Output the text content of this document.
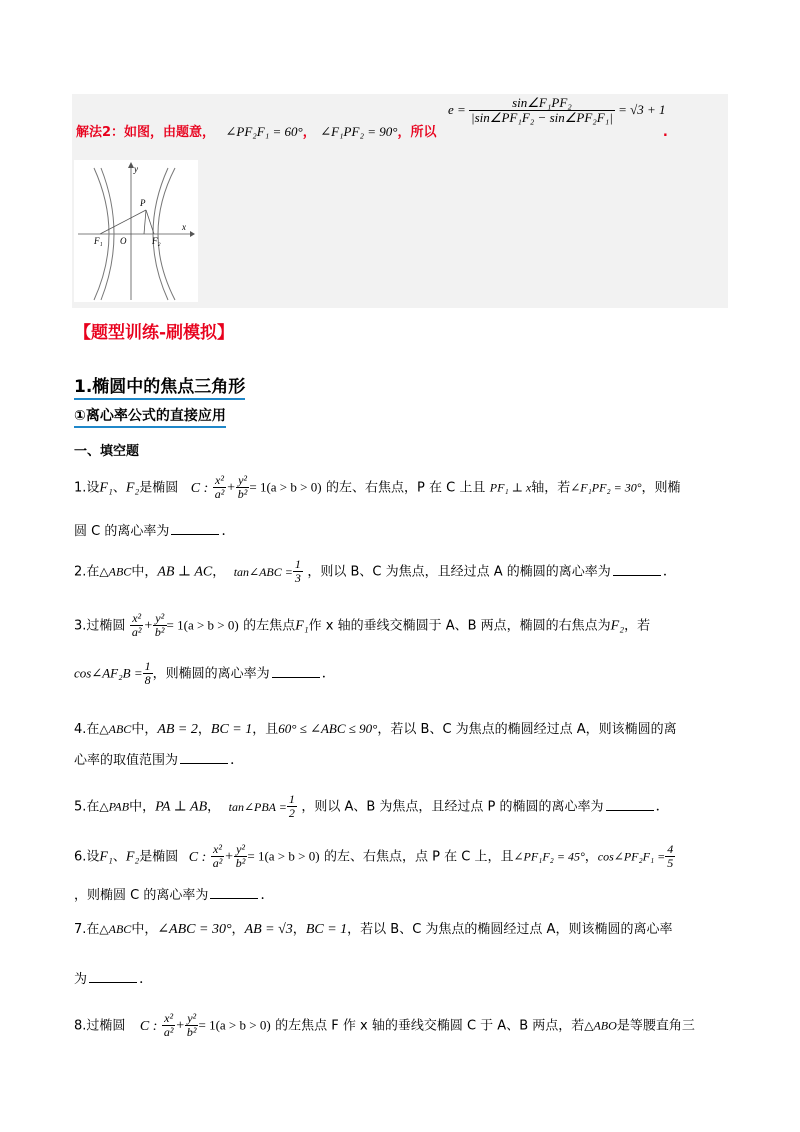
$e = \frac{\text{sin∠F₁PF₂}}{\text{|sin∠PF₁F₂ − sin∠PF₂F₁|}} = √3 + 1$
解法2：如图，由题意， ∠PF₂F₁ = 60°， ∠F₁PF₂ = 90°，所以	.
y
x
P
O
F₁	F₂
【题型训练-刷模拟】
1.椭圆中的焦点三角形
①离心率公式的直接应用
一、填空题
1.设F₁、F₂是椭圆 C : $\frac{\text{x²}}{\text{a²}} + \frac{\text{y²}}{\text{b²}} = 1(a > b > 0)$ 的左、右焦点，P 在 C 上且 PF₁ ⊥ x轴，若∠F₁PF₂ = 30°，则椭
圆 C 的离心率为	.
2.在△ABC中，AB ⊥ AC， tan∠ABC = $\frac{1}{3}$ ，则以 B、C 为焦点，且经过点 A 的椭圆的离心率为	.
3.过椭圆 $\frac{\text{x²}}{\text{a²}} + \frac{\text{y²}}{\text{b²}} = 1(a > b > 0)$ 的左焦点F₁作 x 轴的垂线交椭圆于 A、B 两点，椭圆的右焦点为F₂，若
cos∠AF₂B = $\frac{1}{8}$ ，则椭圆的离心率为	.
4.在△ABC中，AB = 2，BC = 1，且60° ≤ ∠ABC ≤ 90°，若以 B、C 为焦点的椭圆经过点 A，则该椭圆的离
心率的取值范围为	.
5.在△PAB中，PA ⊥ AB， tan∠PBA = $\frac{1}{2}$ ，则以 A、B 为焦点，且经过点 P 的椭圆的离心率为	.
6.设F₁、F₂是椭圆 C : $\frac{\text{x²}}{\text{a²}} + \frac{\text{y²}}{\text{b²}} = 1(a > b > 0)$ 的左、右焦点，点 P 在 C 上，且∠PF₁F₂ = 45°，cos∠PF₂F₁ = $\frac{4}{5}$
，则椭圆 C 的离心率为	.
7.在△ABC中，∠ABC = 30°，AB = √3，BC = 1，若以 B、C 为焦点的椭圆经过点 A，则该椭圆的离心率
为	.
8.过椭圆 C : $\frac{\text{x²}}{\text{a²}} + \frac{\text{y²}}{\text{b²}} = 1(a > b > 0)$ 的左焦点 F 作 x 轴的垂线交椭圆 C 于 A、B 两点，若△ABO是等腰直角三
